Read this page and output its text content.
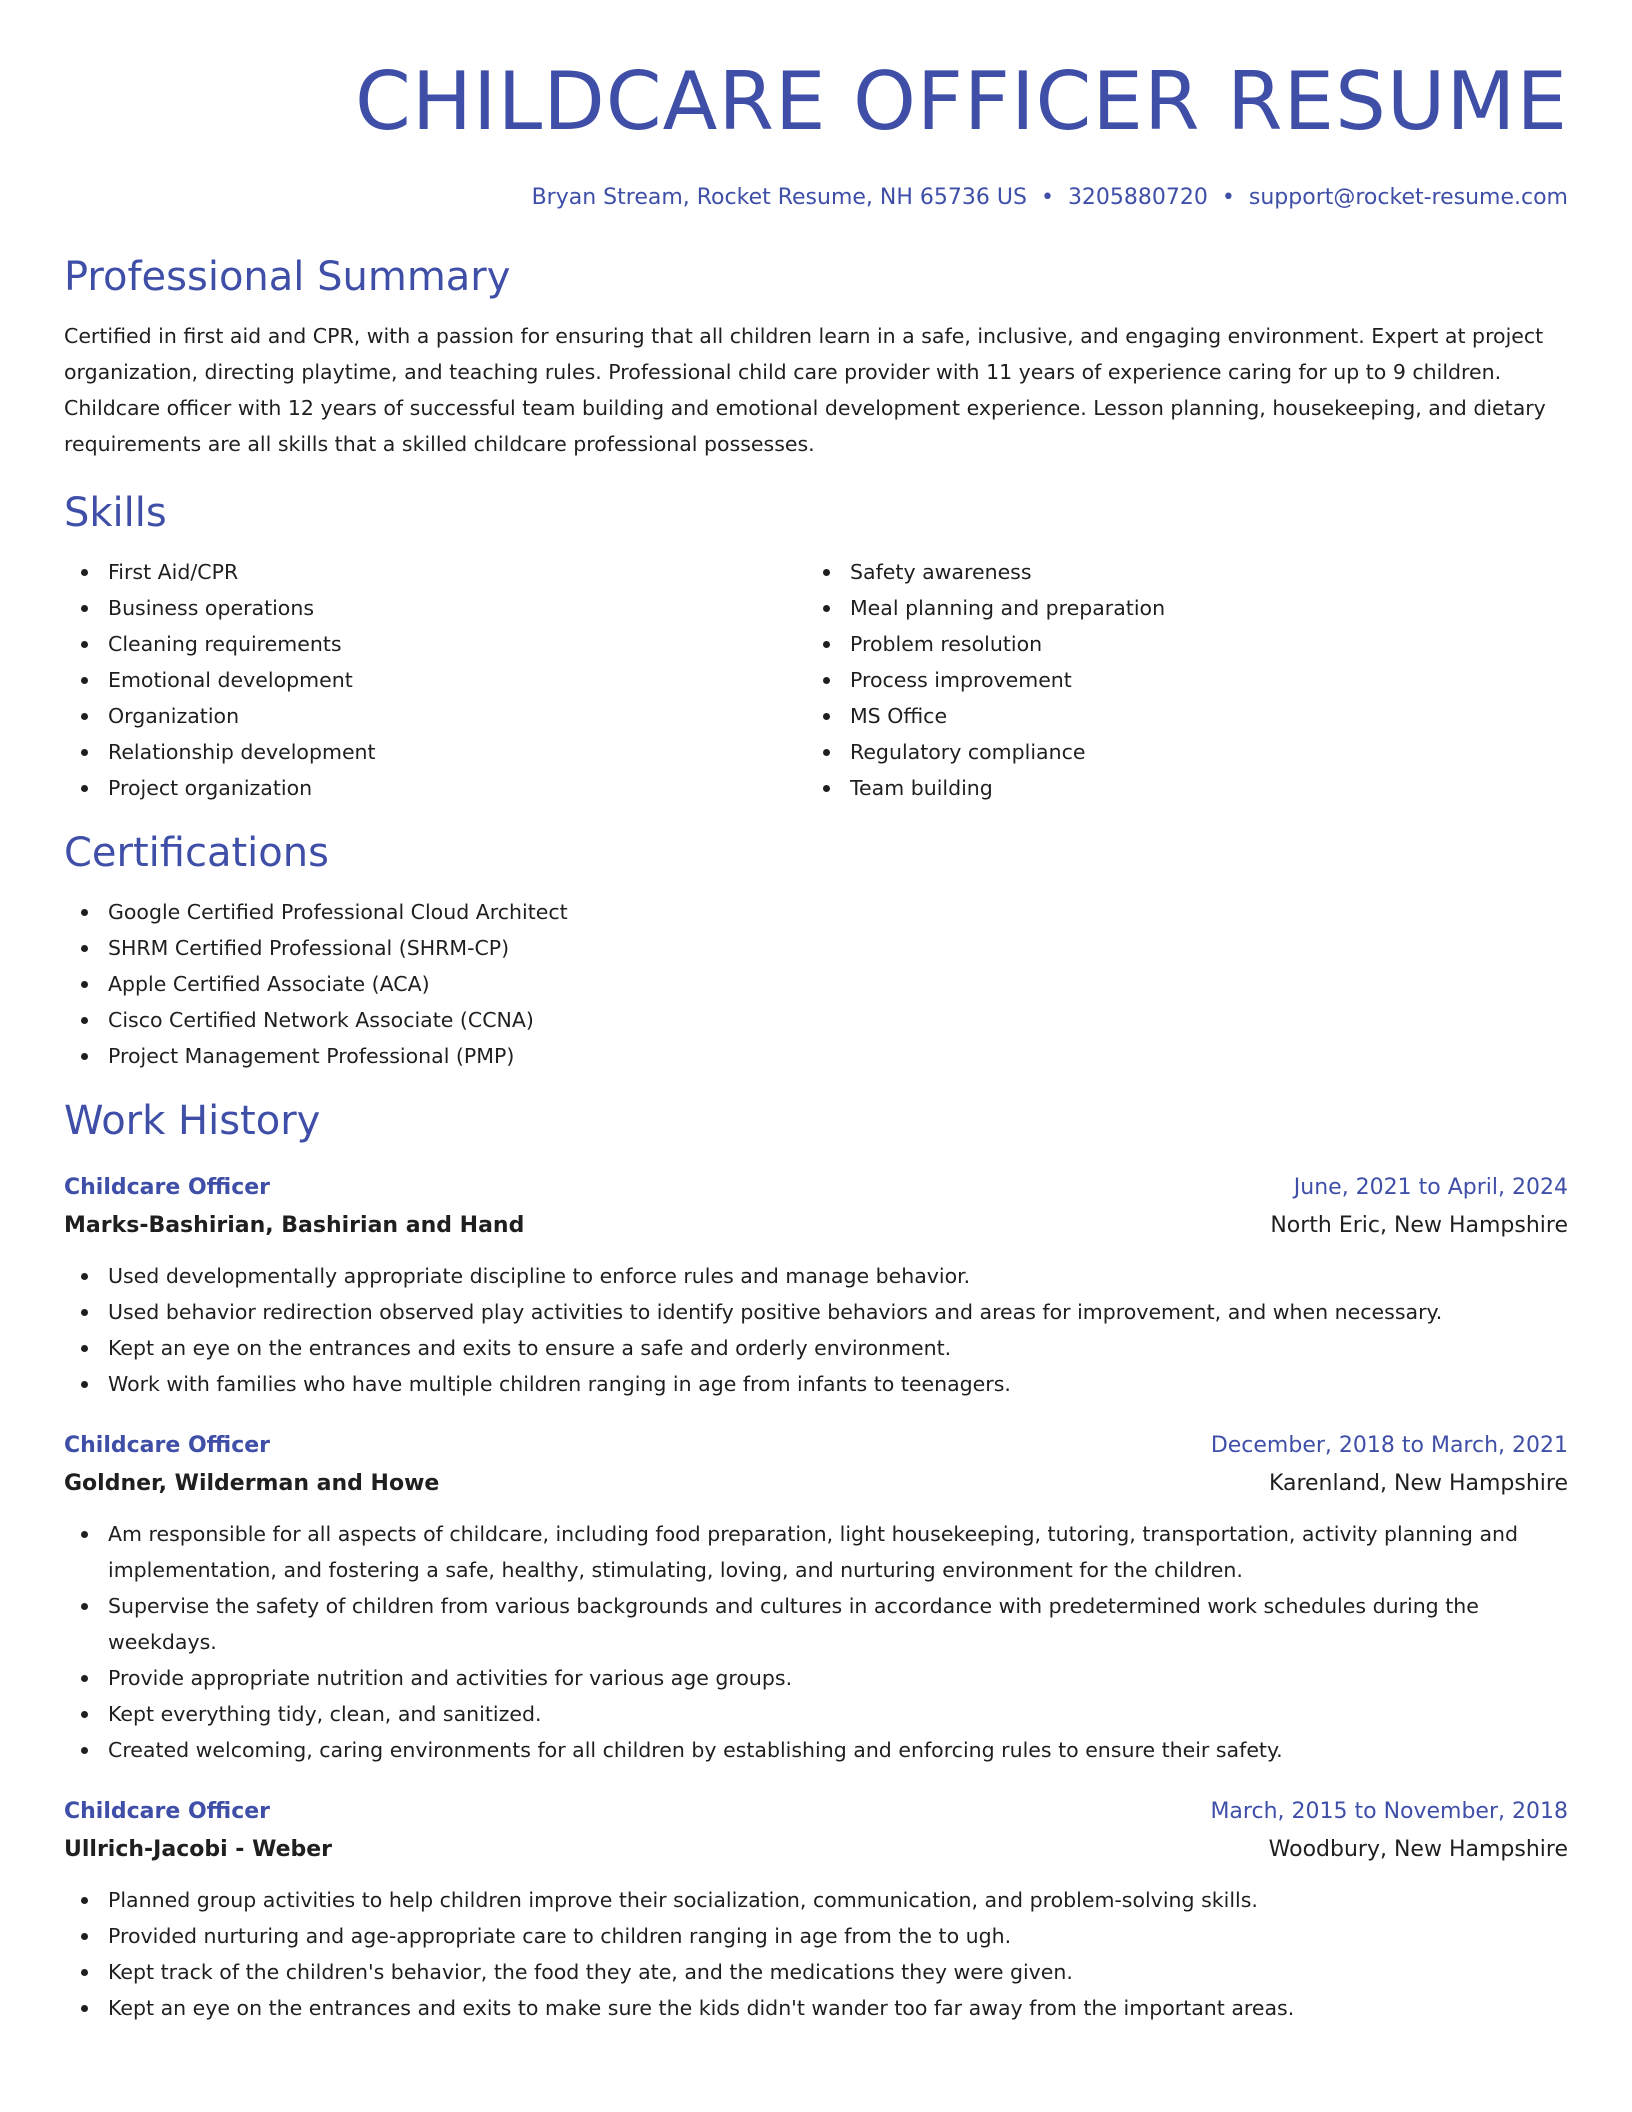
CHILDCARE OFFICER RESUME
Bryan Stream, Rocket Resume, NH 65736 US • 3205880720 • support@rocket-resume.com
Professional Summary
Certified in first aid and CPR, with a passion for ensuring that all children learn in a safe, inclusive, and engaging environment. Expert at project organization, directing playtime, and teaching rules. Professional child care provider with 11 years of experience caring for up to 9 children. Childcare officer with 12 years of successful team building and emotional development experience. Lesson planning, housekeeping, and dietary requirements are all skills that a skilled childcare professional possesses.
Skills
First Aid/CPR
Business operations
Cleaning requirements
Emotional development
Organization
Relationship development
Project organization
Safety awareness
Meal planning and preparation
Problem resolution
Process improvement
MS Office
Regulatory compliance
Team building
Certifications
Google Certified Professional Cloud Architect
SHRM Certified Professional (SHRM-CP)
Apple Certified Associate (ACA)
Cisco Certified Network Associate (CCNA)
Project Management Professional (PMP)
Work History
Childcare Officer	June, 2021 to April, 2024
Marks-Bashirian, Bashirian and Hand	North Eric, New Hampshire
Used developmentally appropriate discipline to enforce rules and manage behavior.
Used behavior redirection observed play activities to identify positive behaviors and areas for improvement, and when necessary.
Kept an eye on the entrances and exits to ensure a safe and orderly environment.
Work with families who have multiple children ranging in age from infants to teenagers.
Childcare Officer	December, 2018 to March, 2021
Goldner, Wilderman and Howe	Karenland, New Hampshire
Am responsible for all aspects of childcare, including food preparation, light housekeeping, tutoring, transportation, activity planning and implementation, and fostering a safe, healthy, stimulating, loving, and nurturing environment for the children.
Supervise the safety of children from various backgrounds and cultures in accordance with predetermined work schedules during the weekdays.
Provide appropriate nutrition and activities for various age groups.
Kept everything tidy, clean, and sanitized.
Created welcoming, caring environments for all children by establishing and enforcing rules to ensure their safety.
Childcare Officer	March, 2015 to November, 2018
Ullrich-Jacobi - Weber	Woodbury, New Hampshire
Planned group activities to help children improve their socialization, communication, and problem-solving skills.
Provided nurturing and age-appropriate care to children ranging in age from the to ugh.
Kept track of the children's behavior, the food they ate, and the medications they were given.
Kept an eye on the entrances and exits to make sure the kids didn't wander too far away from the important areas.
